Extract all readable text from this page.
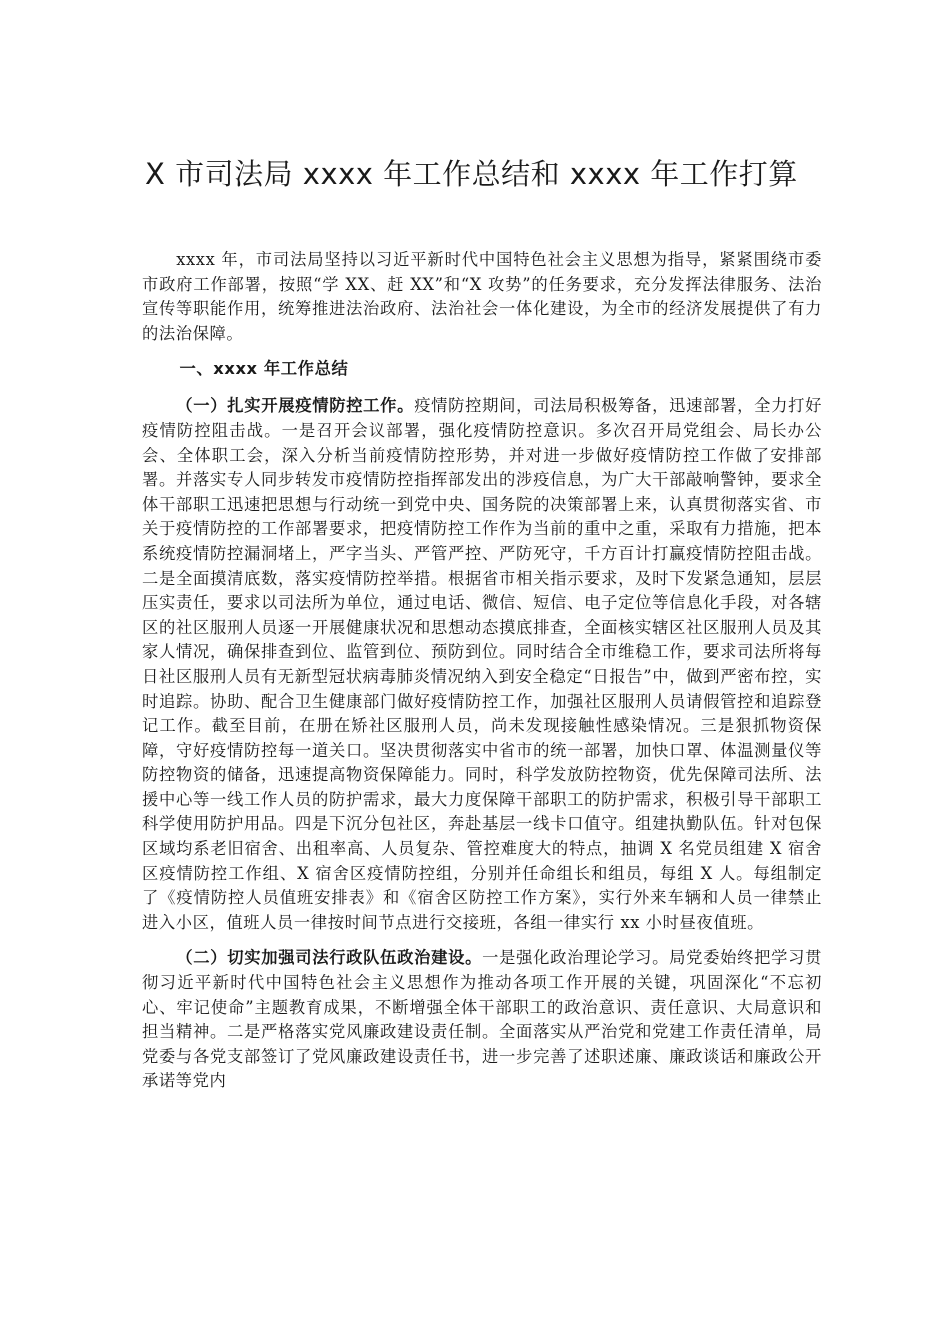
X 市司法局 xxxx 年工作总结和 xxxx 年工作打算

xxxx 年，市司法局坚持以习近平新时代中国特色社会主义思想为指导，紧紧围绕市委市政府工作部署，按照“学 XX、赶 XX”和“X 攻势”的任务要求，充分发挥法律服务、法治宣传等职能作用，统筹推进法治政府、法治社会一体化建设，为全市的经济发展提供了有力的法治保障。

一、xxxx 年工作总结

（一）扎实开展疫情防控工作。疫情防控期间，司法局积极筹备，迅速部署，全力打好疫情防控阻击战。一是召开会议部署，强化疫情防控意识。多次召开局党组会、局长办公会、全体职工会，深入分析当前疫情防控形势，并对进一步做好疫情防控工作做了安排部署。并落实专人同步转发市疫情防控指挥部发出的涉疫信息，为广大干部敲响警钟，要求全体干部职工迅速把思想与行动统一到党中央、国务院的决策部署上来，认真贯彻落实省、市关于疫情防控的工作部署要求，把疫情防控工作作为当前的重中之重，采取有力措施，把本系统疫情防控漏洞堵上，严字当头、严管严控、严防死守，千方百计打赢疫情防控阻击战。二是全面摸清底数，落实疫情防控举措。根据省市相关指示要求，及时下发紧急通知，层层压实责任，要求以司法所为单位，通过电话、微信、短信、电子定位等信息化手段，对各辖区的社区服刑人员逐一开展健康状况和思想动态摸底排查，全面核实辖区社区服刑人员及其家人情况，确保排查到位、监管到位、预防到位。同时结合全市维稳工作，要求司法所将每日社区服刑人员有无新型冠状病毒肺炎情况纳入到安全稳定“日报告”中，做到严密布控，实时追踪。协助、配合卫生健康部门做好疫情防控工作，加强社区服刑人员请假管控和追踪登记工作。截至目前，在册在矫社区服刑人员，尚未发现接触性感染情况。三是狠抓物资保障，守好疫情防控每一道关口。坚决贯彻落实中省市的统一部署，加快口罩、体温测量仪等防控物资的储备，迅速提高物资保障能力。同时，科学发放防控物资，优先保障司法所、法援中心等一线工作人员的防护需求，最大力度保障干部职工的防护需求，积极引导干部职工科学使用防护用品。四是下沉分包社区，奔赴基层一线卡口值守。组建执勤队伍。针对包保区域均系老旧宿舍、出租率高、人员复杂、管控难度大的特点，抽调 X 名党员组建 X 宿舍区疫情防控工作组、X 宿舍区疫情防控组，分别并任命组长和组员，每组 X 人。每组制定了《疫情防控人员值班安排表》和《宿舍区防控工作方案》，实行外来车辆和人员一律禁止进入小区，值班人员一律按时间节点进行交接班，各组一律实行 xx 小时昼夜值班。

（二）切实加强司法行政队伍政治建设。一是强化政治理论学习。局党委始终把学习贯彻习近平新时代中国特色社会主义思想作为推动各项工作开展的关键，巩固深化“不忘初心、牢记使命”主题教育成果，不断增强全体干部职工的政治意识、责任意识、大局意识和担当精神。二是严格落实党风廉政建设责任制。全面落实从严治党和党建工作责任清单，局党委与各党支部签订了党风廉政建设责任书，进一步完善了述职述廉、廉政谈话和廉政公开承诺等党内
